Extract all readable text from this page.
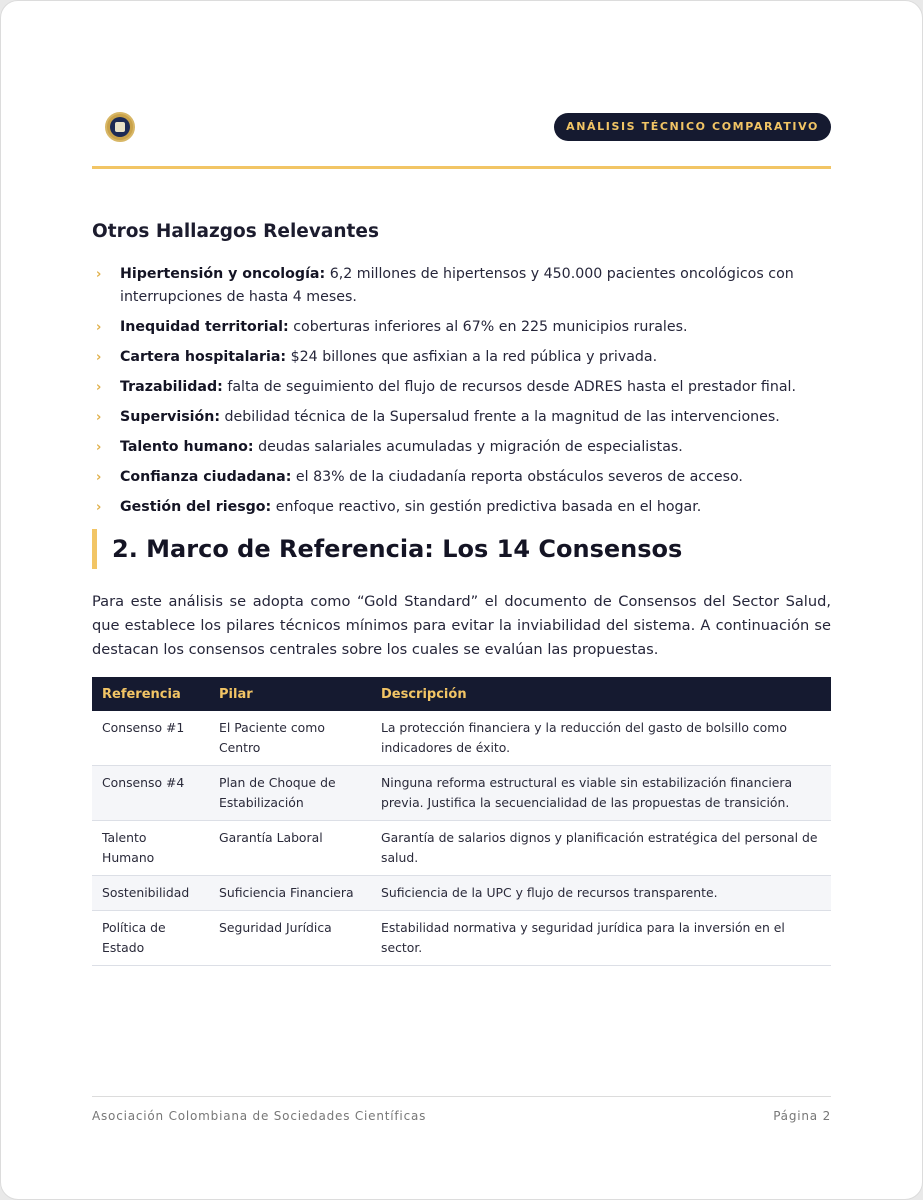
ANÁLISIS TÉCNICO COMPARATIVO
Otros Hallazgos Relevantes
› Hipertensión y oncología: 6,2 millones de hipertensos y 450.000 pacientes oncológicos con interrupciones de hasta 4 meses.
› Inequidad territorial: coberturas inferiores al 67% en 225 municipios rurales.
› Cartera hospitalaria: $24 billones que asfixian a la red pública y privada.
› Trazabilidad: falta de seguimiento del flujo de recursos desde ADRES hasta el prestador final.
› Supervisión: debilidad técnica de la Supersalud frente a la magnitud de las intervenciones.
› Talento humano: deudas salariales acumuladas y migración de especialistas.
› Confianza ciudadana: el 83% de la ciudadanía reporta obstáculos severos de acceso.
› Gestión del riesgo: enfoque reactivo, sin gestión predictiva basada en el hogar.
2. Marco de Referencia: Los 14 Consensos

Para este análisis se adopta como “Gold Standard” el documento de Consensos del Sector Salud, que establece los pilares técnicos mínimos para evitar la inviabilidad del sistema. A continuación se destacan los consensos centrales sobre los cuales se evalúan las propuestas.

Referencia	Pilar	Descripción
Consenso #1	El Paciente como Centro	La protección financiera y la reducción del gasto de bolsillo como indicadores de éxito.
Consenso #4	Plan de Choque de Estabilización	Ninguna reforma estructural es viable sin estabilización financiera previa. Justifica la secuencialidad de las propuestas de transición.
Talento Humano	Garantía Laboral	Garantía de salarios dignos y planificación estratégica del personal de salud.
Sostenibilidad	Suficiencia Financiera	Suficiencia de la UPC y flujo de recursos transparente.
Política de Estado	Seguridad Jurídica	Estabilidad normativa y seguridad jurídica para la inversión en el sector.
Asociación Colombiana de Sociedades Científicas	Página 2
